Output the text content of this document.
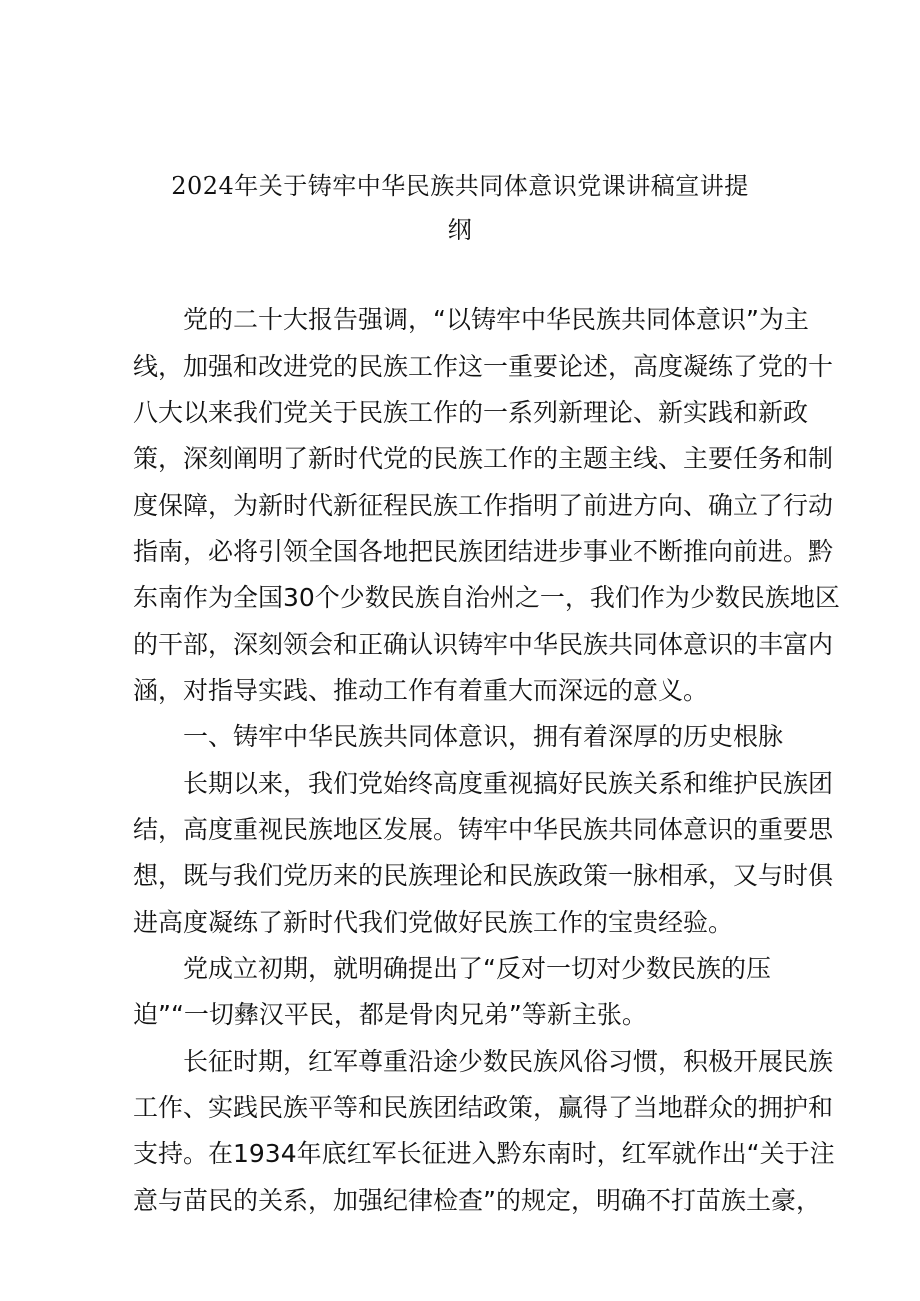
2024年关于铸牢中华民族共同体意识党课讲稿宣讲提
纲
党的二十大报告强调，“以铸牢中华民族共同体意识”为主
线，加强和改进党的民族工作这一重要论述，高度凝练了党的十
八大以来我们党关于民族工作的一系列新理论、新实践和新政
策，深刻阐明了新时代党的民族工作的主题主线、主要任务和制
度保障，为新时代新征程民族工作指明了前进方向、确立了行动
指南，必将引领全国各地把民族团结进步事业不断推向前进。黔
东南作为全国30个少数民族自治州之一，我们作为少数民族地区
的干部，深刻领会和正确认识铸牢中华民族共同体意识的丰富内
涵，对指导实践、推动工作有着重大而深远的意义。
一、铸牢中华民族共同体意识，拥有着深厚的历史根脉
长期以来，我们党始终高度重视搞好民族关系和维护民族团
结，高度重视民族地区发展。铸牢中华民族共同体意识的重要思
想，既与我们党历来的民族理论和民族政策一脉相承，又与时俱
进高度凝练了新时代我们党做好民族工作的宝贵经验。
党成立初期，就明确提出了“反对一切对少数民族的压
迫”“一切彝汉平民，都是骨肉兄弟”等新主张。
长征时期，红军尊重沿途少数民族风俗习惯，积极开展民族
工作、实践民族平等和民族团结政策，赢得了当地群众的拥护和
支持。在1934年底红军长征进入黔东南时，红军就作出“关于注
意与苗民的关系，加强纪律检查”的规定，明确不打苗族土豪，
